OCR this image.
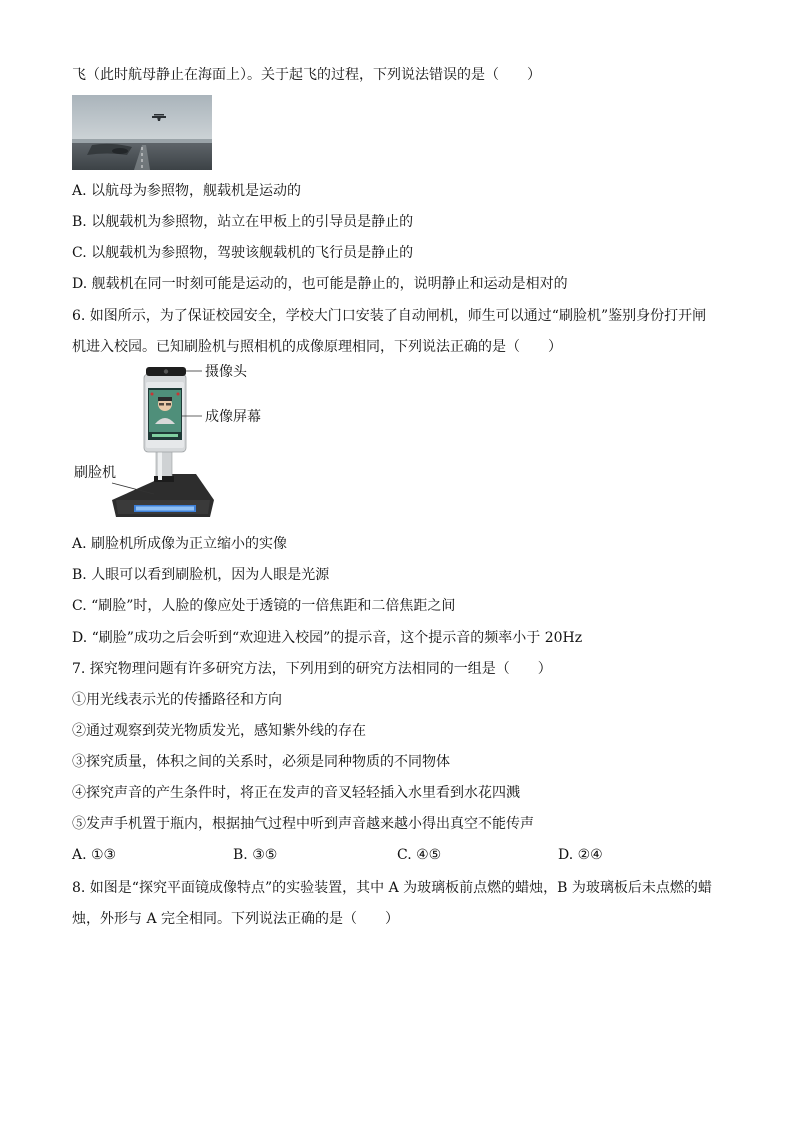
飞（此时航母静止在海面上）。关于起飞的过程，下列说法错误的是（　　）
A. 以航母为参照物，舰载机是运动的
B. 以舰载机为参照物，站立在甲板上的引导员是静止的
C. 以舰载机为参照物，驾驶该舰载机的飞行员是静止的
D. 舰载机在同一时刻可能是运动的，也可能是静止的，说明静止和运动是相对的
6. 如图所示，为了保证校园安全，学校大门口安装了自动闸机，师生可以通过“刷脸机”鉴别身份打开闸
机进入校园。已知刷脸机与照相机的成像原理相同，下列说法正确的是（　　）
摄像头
成像屏幕
刷脸机
A. 刷脸机所成像为正立缩小的实像
B. 人眼可以看到刷脸机，因为人眼是光源
C. “刷脸”时，人脸的像应处于透镜的一倍焦距和二倍焦距之间
D. “刷脸”成功之后会听到“欢迎进入校园”的提示音，这个提示音的频率小于 20Hz
7. 探究物理问题有许多研究方法，下列用到的研究方法相同的一组是（　　）
①用光线表示光的传播路径和方向
②通过观察到荧光物质发光，感知紫外线的存在
③探究质量，体积之间的关系时，必须是同种物质的不同物体
④探究声音的产生条件时，将正在发声的音叉轻轻插入水里看到水花四溅
⑤发声手机置于瓶内，根据抽气过程中听到声音越来越小得出真空不能传声
A. ①③	B. ③⑤	C. ④⑤	D. ②④
8. 如图是“探究平面镜成像特点”的实验装置，其中 A 为玻璃板前点燃的蜡烛，B 为玻璃板后未点燃的蜡
烛，外形与 A 完全相同。下列说法正确的是（　　）
